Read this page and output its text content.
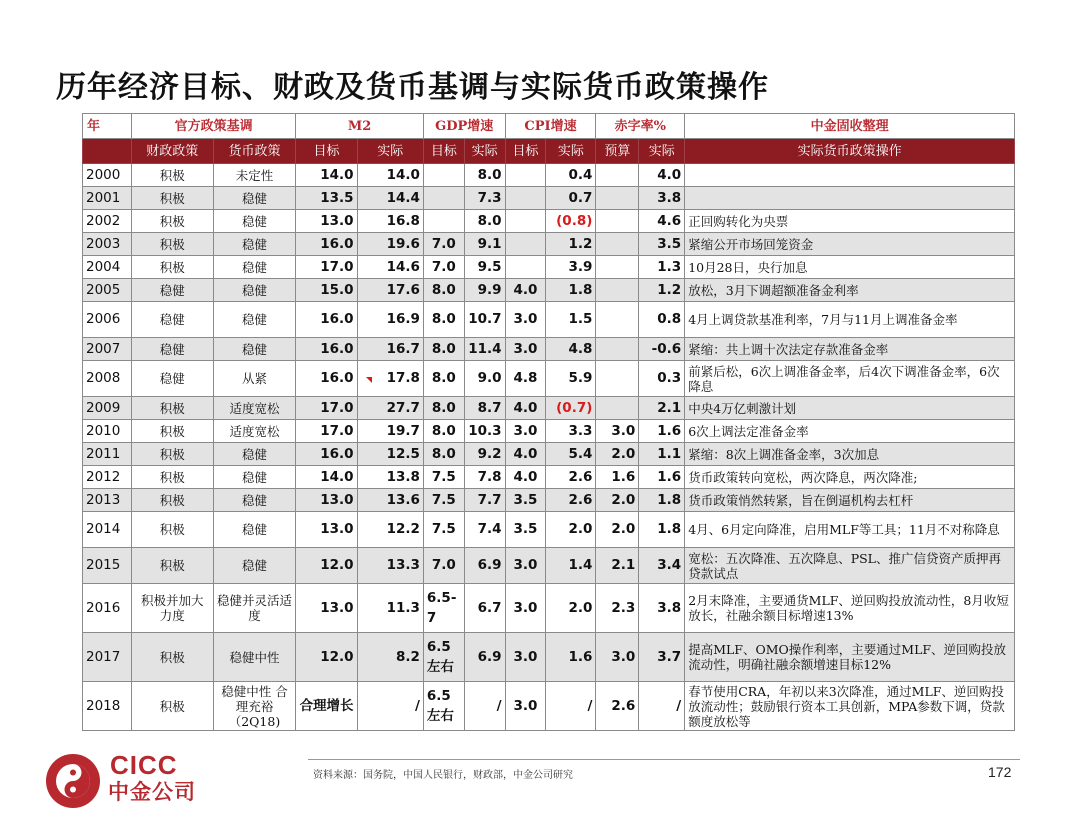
历年经济目标、财政及货币基调与实际货币政策操作
年	官方政策基调		M2		GDP增速		CPI增速		赤字率%		中金固收整理
	财政政策	货币政策	目标	实际	目标	实际	目标	实际	预算	实际	实际货币政策操作
2000	积极	未定性	14.0	14.0		8.0		0.4		4.0	
2001	积极	稳健	13.5	14.4		7.3		0.7		3.8	
2002	积极	稳健	13.0	16.8		8.0		(0.8)		4.6	正回购转化为央票
2003	积极	稳健	16.0	19.6	7.0	9.1		1.2		3.5	紧缩公开市场回笼资金
2004	积极	稳健	17.0	14.6	7.0	9.5		3.9		1.3	10月28日，央行加息
2005	稳健	稳健	15.0	17.6	8.0	9.9	4.0	1.8		1.2	放松，3月下调超额准备金利率
2006	稳健	稳健	16.0	16.9	8.0	10.7	3.0	1.5		0.8	4月上调贷款基准利率，7月与11月上调准备金率
2007	稳健	稳健	16.0	16.7	8.0	11.4	3.0	4.8		-0.6	紧缩：共上调十次法定存款准备金率
2008	稳健	从紧	16.0	17.8	8.0	9.0	4.8	5.9		0.3	前紧后松，6次上调准备金率，后4次下调准备金率，6次降息
2009	积极	适度宽松	17.0	27.7	8.0	8.7	4.0	(0.7)		2.1	中央4万亿刺激计划
2010	积极	适度宽松	17.0	19.7	8.0	10.3	3.0	3.3	3.0	1.6	6次上调法定准备金率
2011	积极	稳健	16.0	12.5	8.0	9.2	4.0	5.4	2.0	1.1	紧缩：8次上调准备金率，3次加息
2012	积极	稳健	14.0	13.8	7.5	7.8	4.0	2.6	1.6	1.6	货币政策转向宽松，两次降息，两次降准;
2013	积极	稳健	13.0	13.6	7.5	7.7	3.5	2.6	2.0	1.8	货币政策悄然转紧，旨在倒逼机构去杠杆
2014	积极	稳健	13.0	12.2	7.5	7.4	3.5	2.0	2.0	1.8	4月、6月定向降准，启用MLF等工具；11月不对称降息
2015	积极	稳健	12.0	13.3	7.0	6.9	3.0	1.4	2.1	3.4	宽松：五次降准、五次降息、PSL、推广信贷资产质押再贷款试点
2016	积极并加大力度	稳健并灵活适度	13.0	11.3	6.5-7	6.7	3.0	2.0	2.3	3.8	2月末降准，主要通货MLF、逆回购投放流动性，8月收短放长，社融余额目标增速13%
2017	积极	稳健中性	12.0	8.2	6.5左右	6.9	3.0	1.6	3.0	3.7	提高MLF、OMO操作利率，主要通过MLF、逆回购投放流动性，明确社融余额增速目标12%
2018	积极	稳健中性 合理充裕 （2Q18)	合理增长	/	6.5左右	/	3.0	/	2.6	/	春节使用CRA，年初以来3次降准，通过MLF、逆回购投放流动性；鼓励银行资本工具创新，MPA参数下调，贷款额度放松等
资料来源：国务院，中国人民银行，财政部，中金公司研究	172
CICC
中金公司
